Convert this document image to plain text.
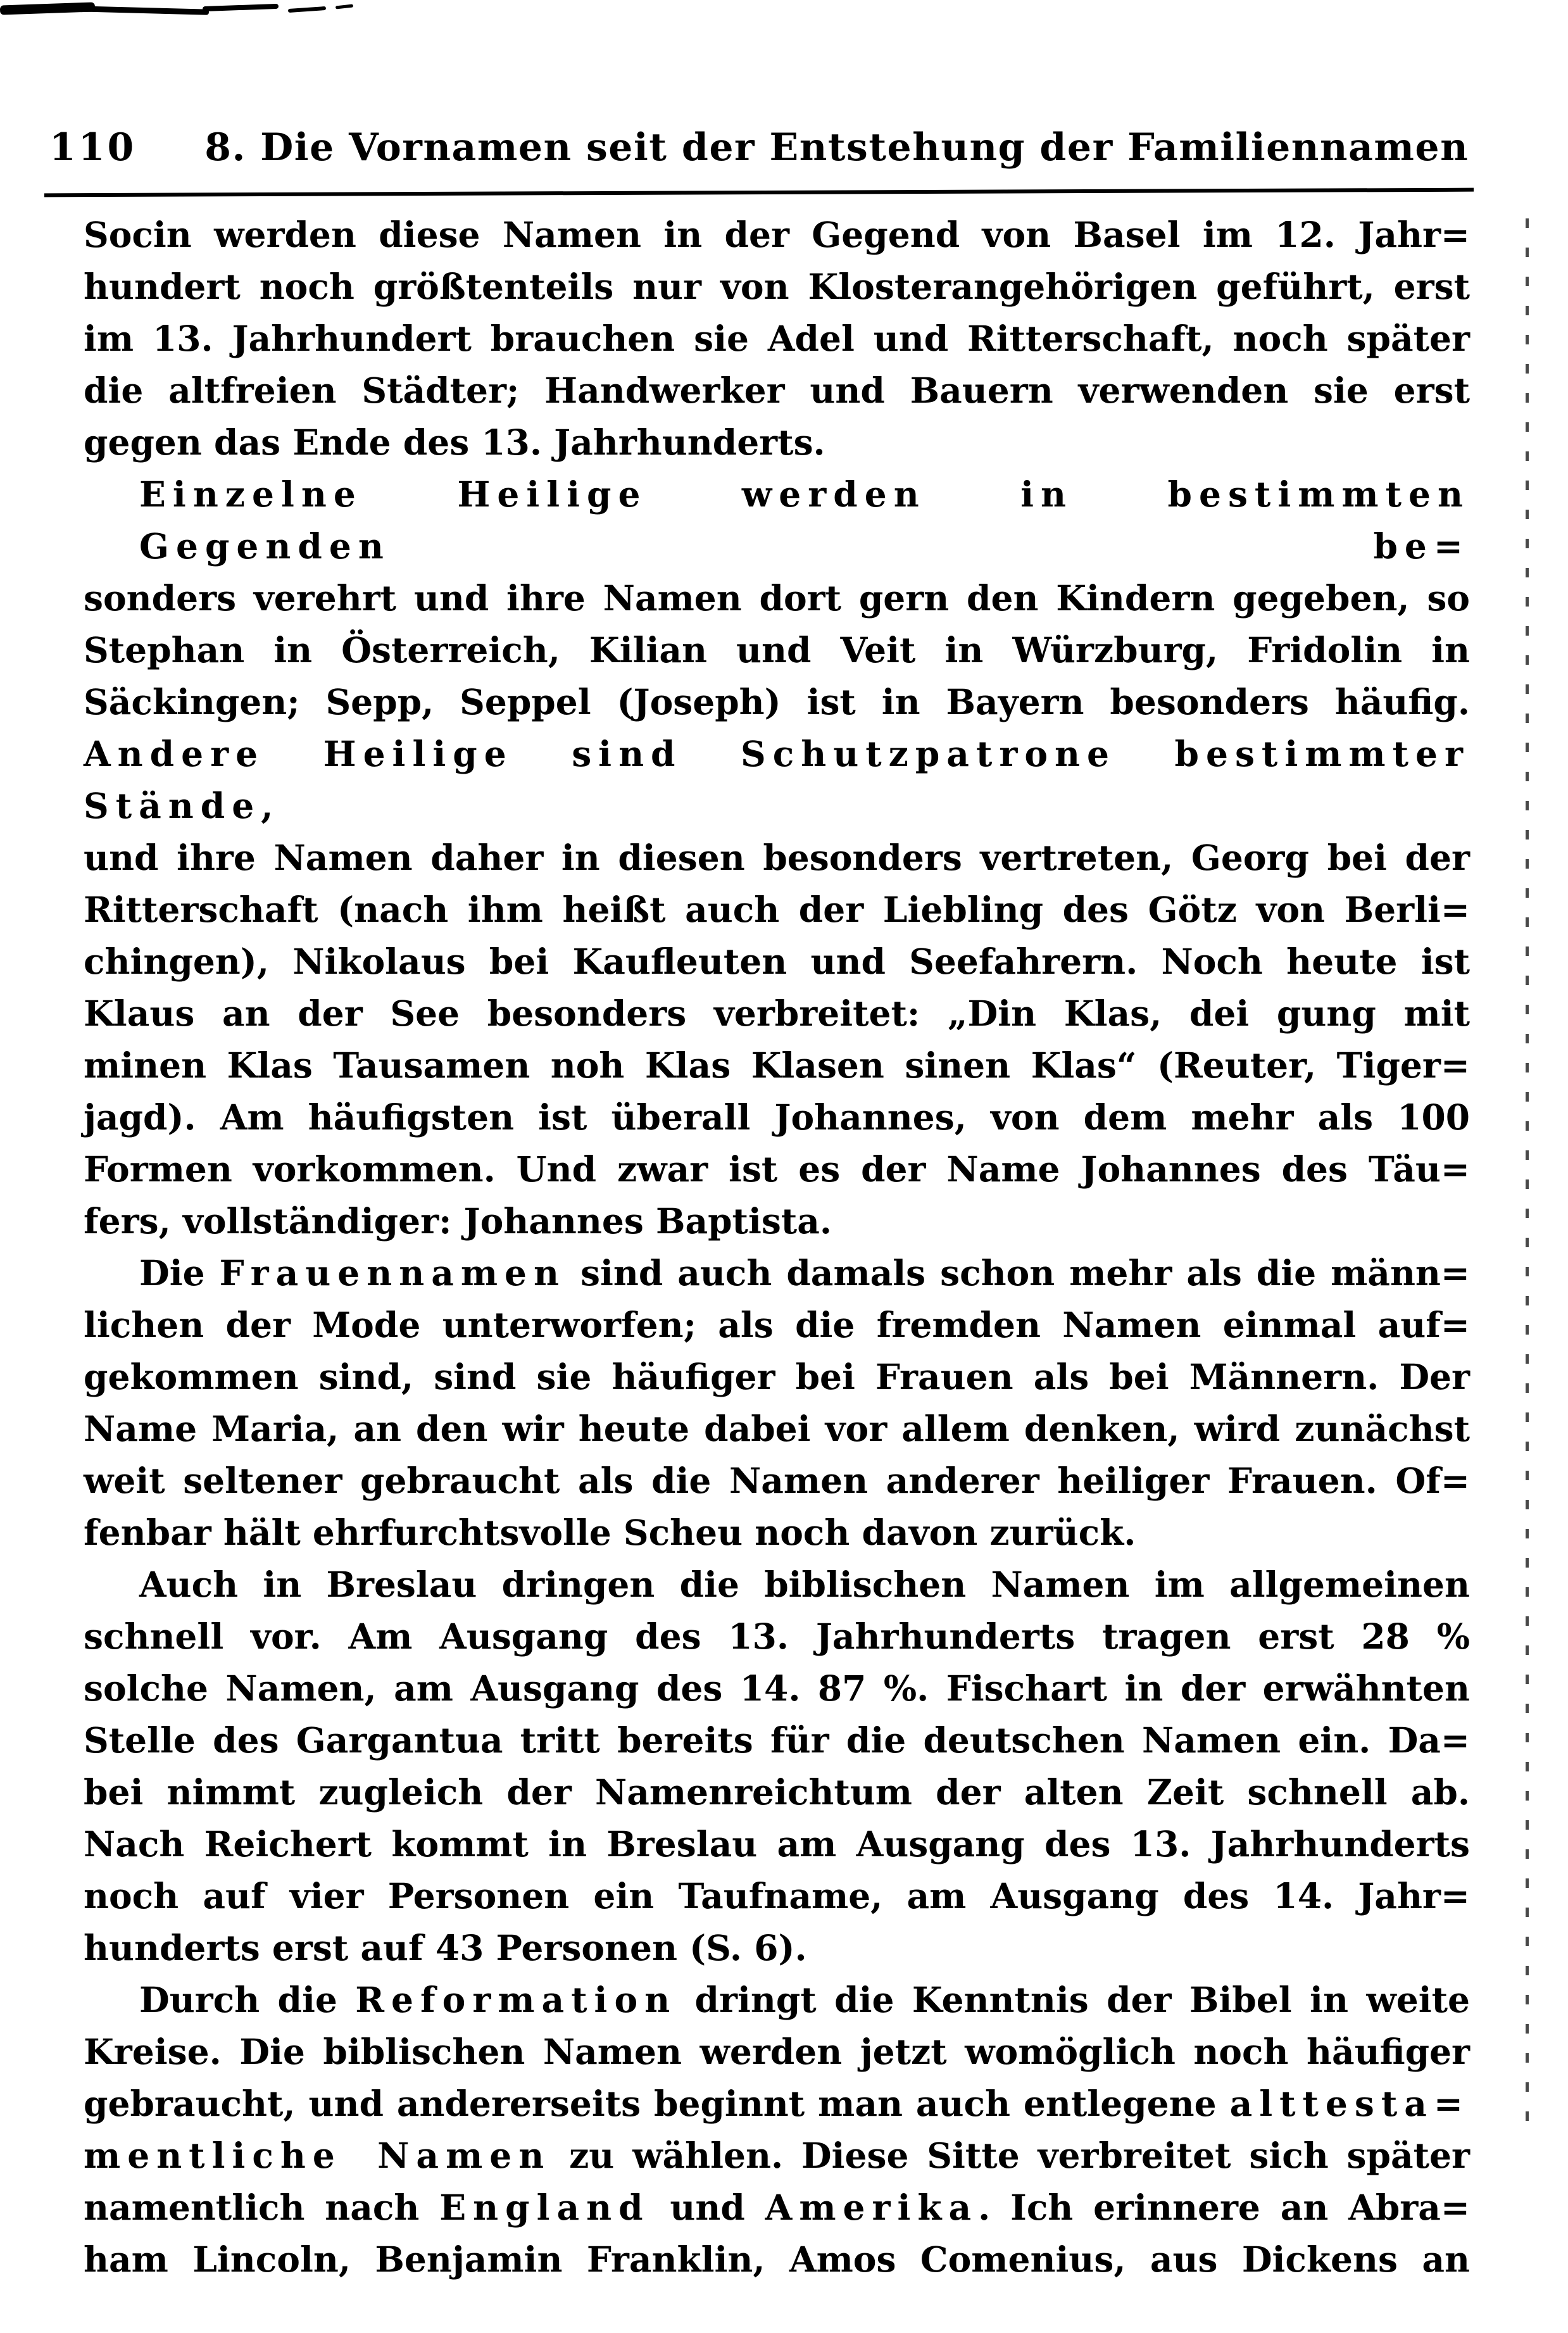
110 8. Die Vornamen seit der Entstehung der Familiennamen
Socin werden diese Namen in der Gegend von Basel im 12. Jahr=
hundert noch größtenteils nur von Klosterangehörigen geführt, erst
im 13. Jahrhundert brauchen sie Adel und Ritterschaft, noch später
die altfreien Städter; Handwerker und Bauern verwenden sie erst
gegen das Ende des 13. Jahrhunderts.
Einzelne Heilige werden in bestimmten Gegenden be=
sonders verehrt und ihre Namen dort gern den Kindern gegeben, so
Stephan in Österreich, Kilian und Veit in Würzburg, Fridolin in
Säckingen; Sepp, Seppel (Joseph) ist in Bayern besonders häufig.
Andere Heilige sind Schutzpatrone bestimmter Stände,
und ihre Namen daher in diesen besonders vertreten, Georg bei der
Ritterschaft (nach ihm heißt auch der Liebling des Götz von Berli=
chingen), Nikolaus bei Kaufleuten und Seefahrern. Noch heute ist
Klaus an der See besonders verbreitet: „Din Klas, dei gung mit
minen Klas Tausamen noh Klas Klasen sinen Klas“ (Reuter, Tiger=
jagd). Am häufigsten ist überall Johannes, von dem mehr als 100
Formen vorkommen. Und zwar ist es der Name Johannes des Täu=
fers, vollständiger: Johannes Baptista.
Die Frauennamen sind auch damals schon mehr als die männ=
lichen der Mode unterworfen; als die fremden Namen einmal auf=
gekommen sind, sind sie häufiger bei Frauen als bei Männern. Der
Name Maria, an den wir heute dabei vor allem denken, wird zunächst
weit seltener gebraucht als die Namen anderer heiliger Frauen. Of=
fenbar hält ehrfurchtsvolle Scheu noch davon zurück.
Auch in Breslau dringen die biblischen Namen im allgemeinen
schnell vor. Am Ausgang des 13. Jahrhunderts tragen erst 28 %
solche Namen, am Ausgang des 14. 87 %. Fischart in der erwähnten
Stelle des Gargantua tritt bereits für die deutschen Namen ein. Da=
bei nimmt zugleich der Namenreichtum der alten Zeit schnell ab.
Nach Reichert kommt in Breslau am Ausgang des 13. Jahrhunderts
noch auf vier Personen ein Taufname, am Ausgang des 14. Jahr=
hunderts erst auf 43 Personen (S. 6).
Durch die Reformation dringt die Kenntnis der Bibel in weite
Kreise. Die biblischen Namen werden jetzt womöglich noch häufiger
gebraucht, und andererseits beginnt man auch entlegene alttesta=
mentliche Namen zu wählen. Diese Sitte verbreitet sich später
namentlich nach England und Amerika. Ich erinnere an Abra=
ham Lincoln, Benjamin Franklin, Amos Comenius, aus Dickens an
